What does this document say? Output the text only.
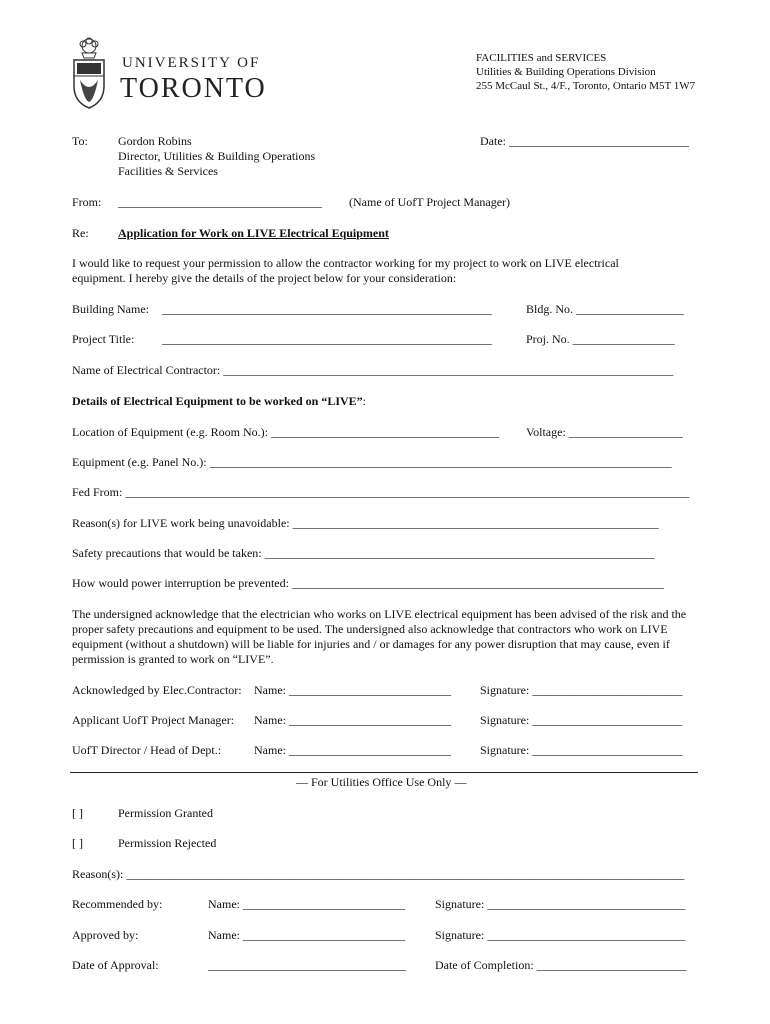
UNIVERSITY OF
TORONTO
FACILITIES and SERVICES
Utilities & Building Operations Division
255 McCaul St., 4/F., Toronto, Ontario M5T 1W7
To:	Gordon Robins
Director, Utilities & Building Operations
Facilities & Services
Date: ______________________________
From: __________________________________ (Name of UofT Project Manager)
Re: Application for Work on LIVE Electrical Equipment
I would like to request your permission to allow the contractor working for my project to work on LIVE electrical equipment. I hereby give the details of the project below for your consideration:
Building Name: _______________________________________________________	Bldg. No. __________________
Project Title: _______________________________________________________	Proj. No. _________________
Name of Electrical Contractor: ___________________________________________________________________________
Details of Electrical Equipment to be worked on “LIVE”:
Location of Equipment (e.g. Room No.): ______________________________________ Voltage: ___________________
Equipment (e.g. Panel No.): _____________________________________________________________________________
Fed From: ______________________________________________________________________________________________
Reason(s) for LIVE work being unavoidable: _____________________________________________________________
Safety precautions that would be taken: _________________________________________________________________
How would power interruption be prevented: ______________________________________________________________
The undersigned acknowledge that the electrician who works on LIVE electrical equipment has been advised of the risk and the proper safety precautions and equipment to be used. The undersigned also acknowledge that contractors who work on LIVE equipment (without a shutdown) will be liable for injuries and / or damages for any power disruption that may cause, even if permission is granted to work on “LIVE”.
Acknowledged by Elec.Contractor: Name: ___________________________ Signature: _________________________
Applicant UofT Project Manager: Name: ___________________________ Signature: _________________________
UofT Director / Head of Dept.:	Name: ___________________________ Signature: _________________________
— For Utilities Office Use Only —
[ ]	Permission Granted
[ ]	Permission Rejected
Reason(s): _____________________________________________________________________________________________
Recommended by:	Name: ___________________________	Signature: _________________________________
Approved by:	Name: ___________________________	Signature: _________________________________
Date of Approval:	_________________________________ Date of Completion: _________________________
